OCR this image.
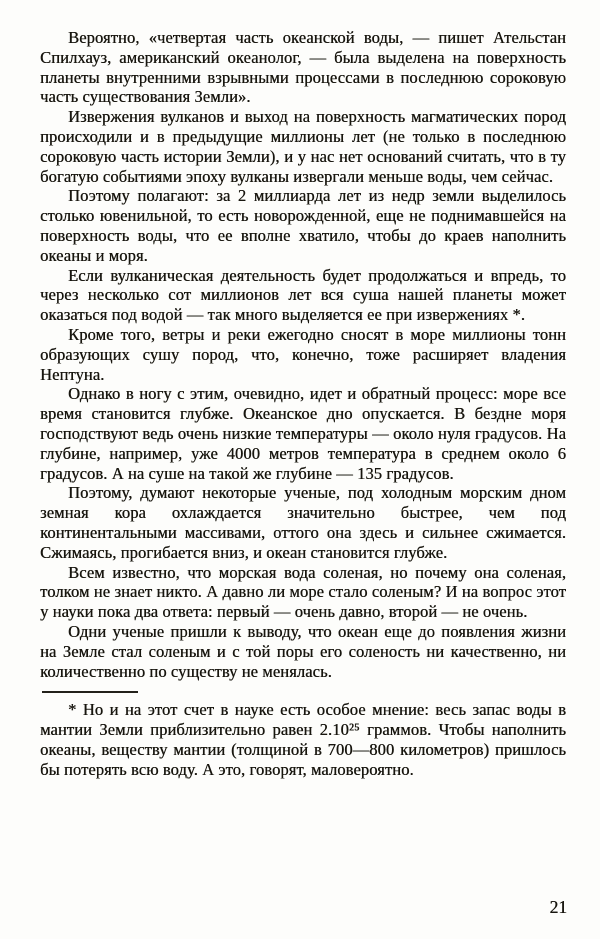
Вероятно, «четвертая часть океанской воды, — пишет Ательстан Спилхауз, американский океанолог, — была выделена на поверхность планеты внутренними взрывными процессами в последнюю сороковую часть существования Земли».

Извержения вулканов и выход на поверхность магматических пород происходили и в предыдущие миллионы лет (не только в последнюю сороковую часть истории Земли), и у нас нет оснований считать, что в ту богатую событиями эпоху вулканы извергали меньше воды, чем сейчас.

Поэтому полагают: за 2 миллиарда лет из недр земли выделилось столько ювенильной, то есть новорожденной, еще не поднимавшейся на поверхность воды, что ее вполне хватило, чтобы до краев наполнить океаны и моря.

Если вулканическая деятельность будет продолжаться и впредь, то через несколько сот миллионов лет вся суша нашей планеты может оказаться под водой — так много выделяется ее при извержениях *.

Кроме того, ветры и реки ежегодно сносят в море миллионы тонн образующих сушу пород, что, конечно, тоже расширяет владения Нептуна.

Однако в ногу с этим, очевидно, идет и обратный процесс: море все время становится глубже. Океанское дно опускается. В бездне моря господствуют ведь очень низкие температуры — около нуля градусов. На глубине, например, уже 4000 метров температура в среднем около 6 градусов. А на суше на такой же глубине — 135 градусов.

Поэтому, думают некоторые ученые, под холодным морским дном земная кора охлаждается значительно быстрее, чем под континентальными массивами, оттого она здесь и сильнее сжимается. Сжимаясь, прогибается вниз, и океан становится глубже.

Всем известно, что морская вода соленая, но почему она соленая, толком не знает никто. А давно ли море стало соленым? И на вопрос этот у науки пока два ответа: первый — очень давно, второй — не очень.

Одни ученые пришли к выводу, что океан еще до появления жизни на Земле стал соленым и с той поры его соленость ни качественно, ни количественно по существу не менялась.

* Но и на этот счет в науке есть особое мнение: весь запас воды в мантии Земли приблизительно равен 2.10²⁵ граммов. Чтобы наполнить океаны, веществу мантии (толщиной в 700—800 километров) пришлось бы потерять всю воду. А это, говорят, маловероятно.

21
